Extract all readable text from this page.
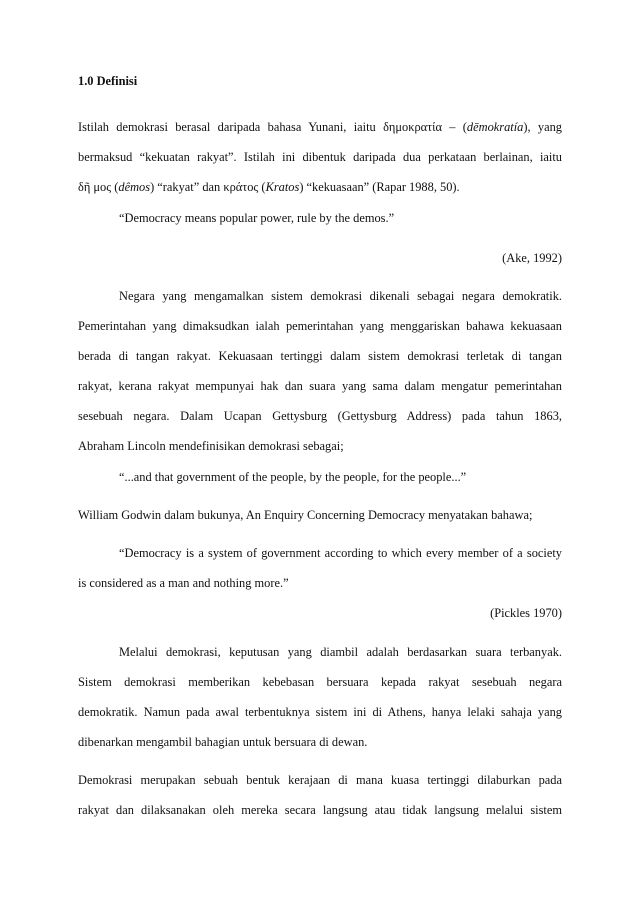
1.0 Definisi
Istilah demokrasi berasal daripada bahasa Yunani, iaitu δημοκρατία – (dēmokratía), yang
bermaksud “kekuatan rakyat”. Istilah ini dibentuk daripada dua perkataan berlainan, iaitu
δῆ μος (dêmos) “rakyat” dan κράτος (Kratos) “kekuasaan” (Rapar 1988, 50).
“Democracy means popular power, rule by the demos.”
(Ake, 1992)
Negara yang mengamalkan sistem demokrasi dikenali sebagai negara demokratik.
Pemerintahan yang dimaksudkan ialah pemerintahan yang menggariskan bahawa kekuasaan
berada di tangan rakyat. Kekuasaan tertinggi dalam sistem demokrasi terletak di tangan
rakyat, kerana rakyat mempunyai hak dan suara yang sama dalam mengatur pemerintahan
sesebuah negara. Dalam Ucapan Gettysburg (Gettysburg Address) pada tahun 1863,
Abraham Lincoln mendefinisikan demokrasi sebagai;
“...and that government of the people, by the people, for the people...”
William Godwin dalam bukunya, An Enquiry Concerning Democracy menyatakan bahawa;
“Democracy is a system of government according to which every member of a society
is considered as a man and nothing more.”
(Pickles 1970)
Melalui demokrasi, keputusan yang diambil adalah berdasarkan suara terbanyak.
Sistem demokrasi memberikan kebebasan bersuara kepada rakyat sesebuah negara
demokratik. Namun pada awal terbentuknya sistem ini di Athens, hanya lelaki sahaja yang
dibenarkan mengambil bahagian untuk bersuara di dewan.
Demokrasi merupakan sebuah bentuk kerajaan di mana kuasa tertinggi dilaburkan pada
rakyat dan dilaksanakan oleh mereka secara langsung atau tidak langsung melalui sistem
